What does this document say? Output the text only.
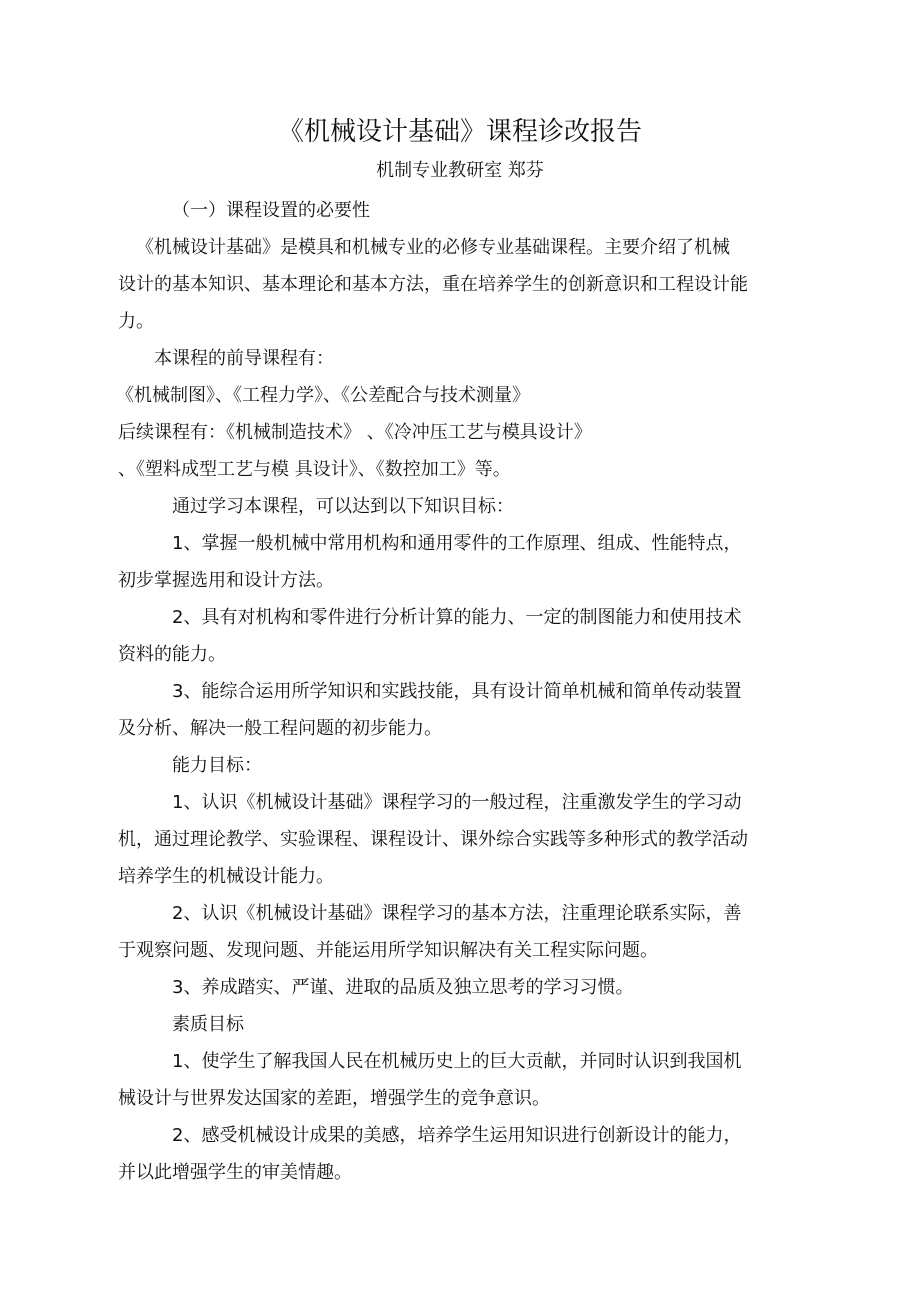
《机械设计基础》课程诊改报告
机制专业教研室 郑芬
（一）课程设置的必要性
《机械设计基础》是模具和机械专业的必修专业基础课程。主要介绍了机械
设计的基本知识、基本理论和基本方法，重在培养学生的创新意识和工程设计能
力。
本课程的前导课程有：
《机械制图》、《工程力学》、《公差配合与技术测量》
后续课程有：《机械制造技术》 、《冷冲压工艺与模具设计》
、《塑料成型工艺与模 具设计》、《数控加工》等。
通过学习本课程，可以达到以下知识目标：
1、掌握一般机械中常用机构和通用零件的工作原理、组成、性能特点，
初步掌握选用和设计方法。
2、具有对机构和零件进行分析计算的能力、一定的制图能力和使用技术
资料的能力。
3、能综合运用所学知识和实践技能，具有设计简单机械和简单传动装置
及分析、解决一般工程问题的初步能力。
能力目标：
1、认识《机械设计基础》课程学习的一般过程，注重激发学生的学习动
机，通过理论教学、实验课程、课程设计、课外综合实践等多种形式的教学活动
培养学生的机械设计能力。
2、认识《机械设计基础》课程学习的基本方法，注重理论联系实际，善
于观察问题、发现问题、并能运用所学知识解决有关工程实际问题。
3、养成踏实、严谨、进取的品质及独立思考的学习习惯。
素质目标
1、使学生了解我国人民在机械历史上的巨大贡献，并同时认识到我国机
械设计与世界发达国家的差距，增强学生的竞争意识。
2、感受机械设计成果的美感，培养学生运用知识进行创新设计的能力，
并以此增强学生的审美情趣。
